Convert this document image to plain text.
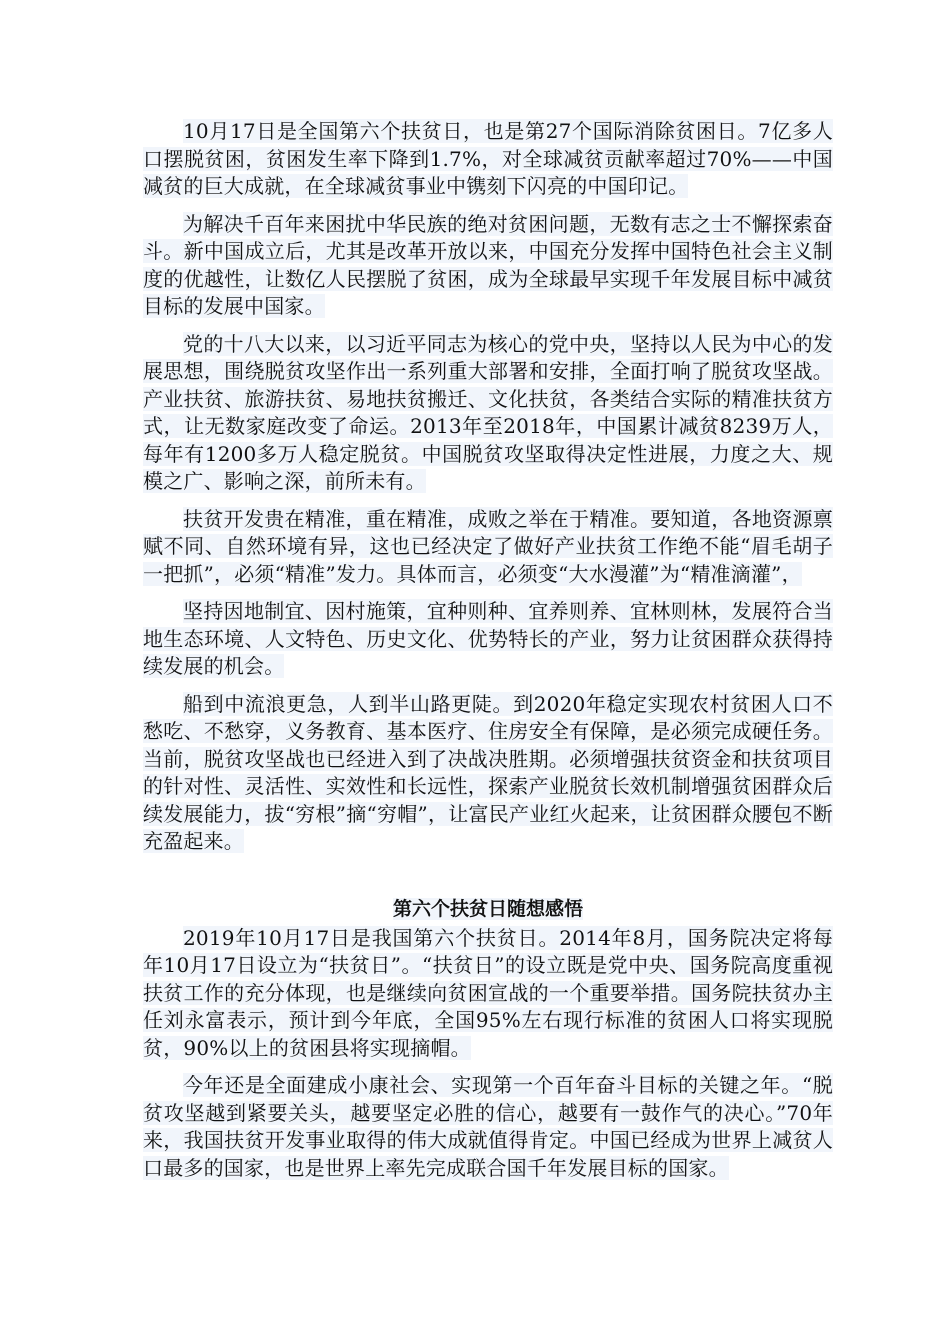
10月17日是全国第六个扶贫日，也是第27个国际消除贫困日。7亿多人口摆脱贫困，贫困发生率下降到1.7%，对全球减贫贡献率超过70%——中国减贫的巨大成就，在全球减贫事业中镌刻下闪亮的中国印记。

为解决千百年来困扰中华民族的绝对贫困问题，无数有志之士不懈探索奋斗。新中国成立后，尤其是改革开放以来，中国充分发挥中国特色社会主义制度的优越性，让数亿人民摆脱了贫困，成为全球最早实现千年发展目标中减贫目标的发展中国家。

党的十八大以来，以习近平同志为核心的党中央，坚持以人民为中心的发展思想，围绕脱贫攻坚作出一系列重大部署和安排，全面打响了脱贫攻坚战。产业扶贫、旅游扶贫、易地扶贫搬迁、文化扶贫，各类结合实际的精准扶贫方式，让无数家庭改变了命运。2013年至2018年，中国累计减贫8239万人，每年有1200多万人稳定脱贫。中国脱贫攻坚取得决定性进展，力度之大、规模之广、影响之深，前所未有。

扶贫开发贵在精准，重在精准，成败之举在于精准。要知道，各地资源禀赋不同、自然环境有异，这也已经决定了做好产业扶贫工作绝不能“眉毛胡子一把抓”，必须“精准”发力。具体而言，必须变“大水漫灌”为“精准滴灌”，

坚持因地制宜、因村施策，宜种则种、宜养则养、宜林则林，发展符合当地生态环境、人文特色、历史文化、优势特长的产业，努力让贫困群众获得持续发展的机会。

船到中流浪更急，人到半山路更陡。到2020年稳定实现农村贫困人口不愁吃、不愁穿，义务教育、基本医疗、住房安全有保障，是必须完成硬任务。当前，脱贫攻坚战也已经进入到了决战决胜期。必须增强扶贫资金和扶贫项目的针对性、灵活性、实效性和长远性，探索产业脱贫长效机制增强贫困群众后续发展能力，拔“穷根”摘“穷帽”，让富民产业红火起来，让贫困群众腰包不断充盈起来。

第六个扶贫日随想感悟

2019年10月17日是我国第六个扶贫日。2014年8月，国务院决定将每年10月17日设立为“扶贫日”。“扶贫日”的设立既是党中央、国务院高度重视扶贫工作的充分体现，也是继续向贫困宣战的一个重要举措。国务院扶贫办主任刘永富表示，预计到今年底，全国95%左右现行标准的贫困人口将实现脱贫，90%以上的贫困县将实现摘帽。

今年还是全面建成小康社会、实现第一个百年奋斗目标的关键之年。“脱贫攻坚越到紧要关头，越要坚定必胜的信心，越要有一鼓作气的决心。”70年来，我国扶贫开发事业取得的伟大成就值得肯定。中国已经成为世界上减贫人口最多的国家，也是世界上率先完成联合国千年发展目标的国家。
